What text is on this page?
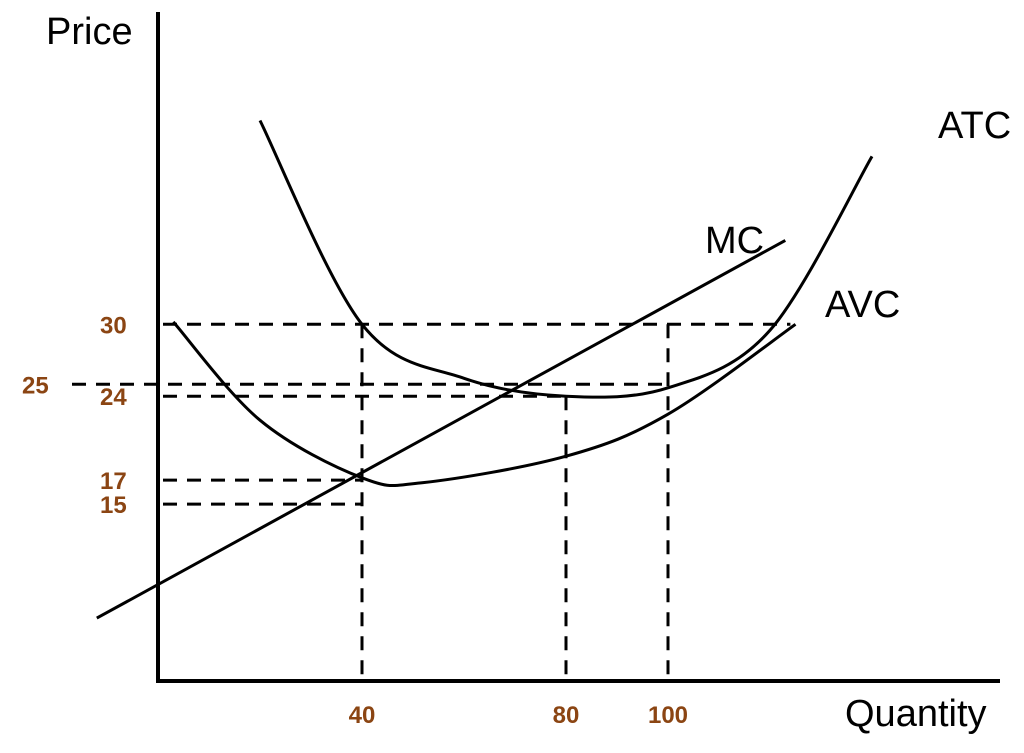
Price
Quantity
ATC
MC
AVC
30
25 24
17
15
40	80	100
